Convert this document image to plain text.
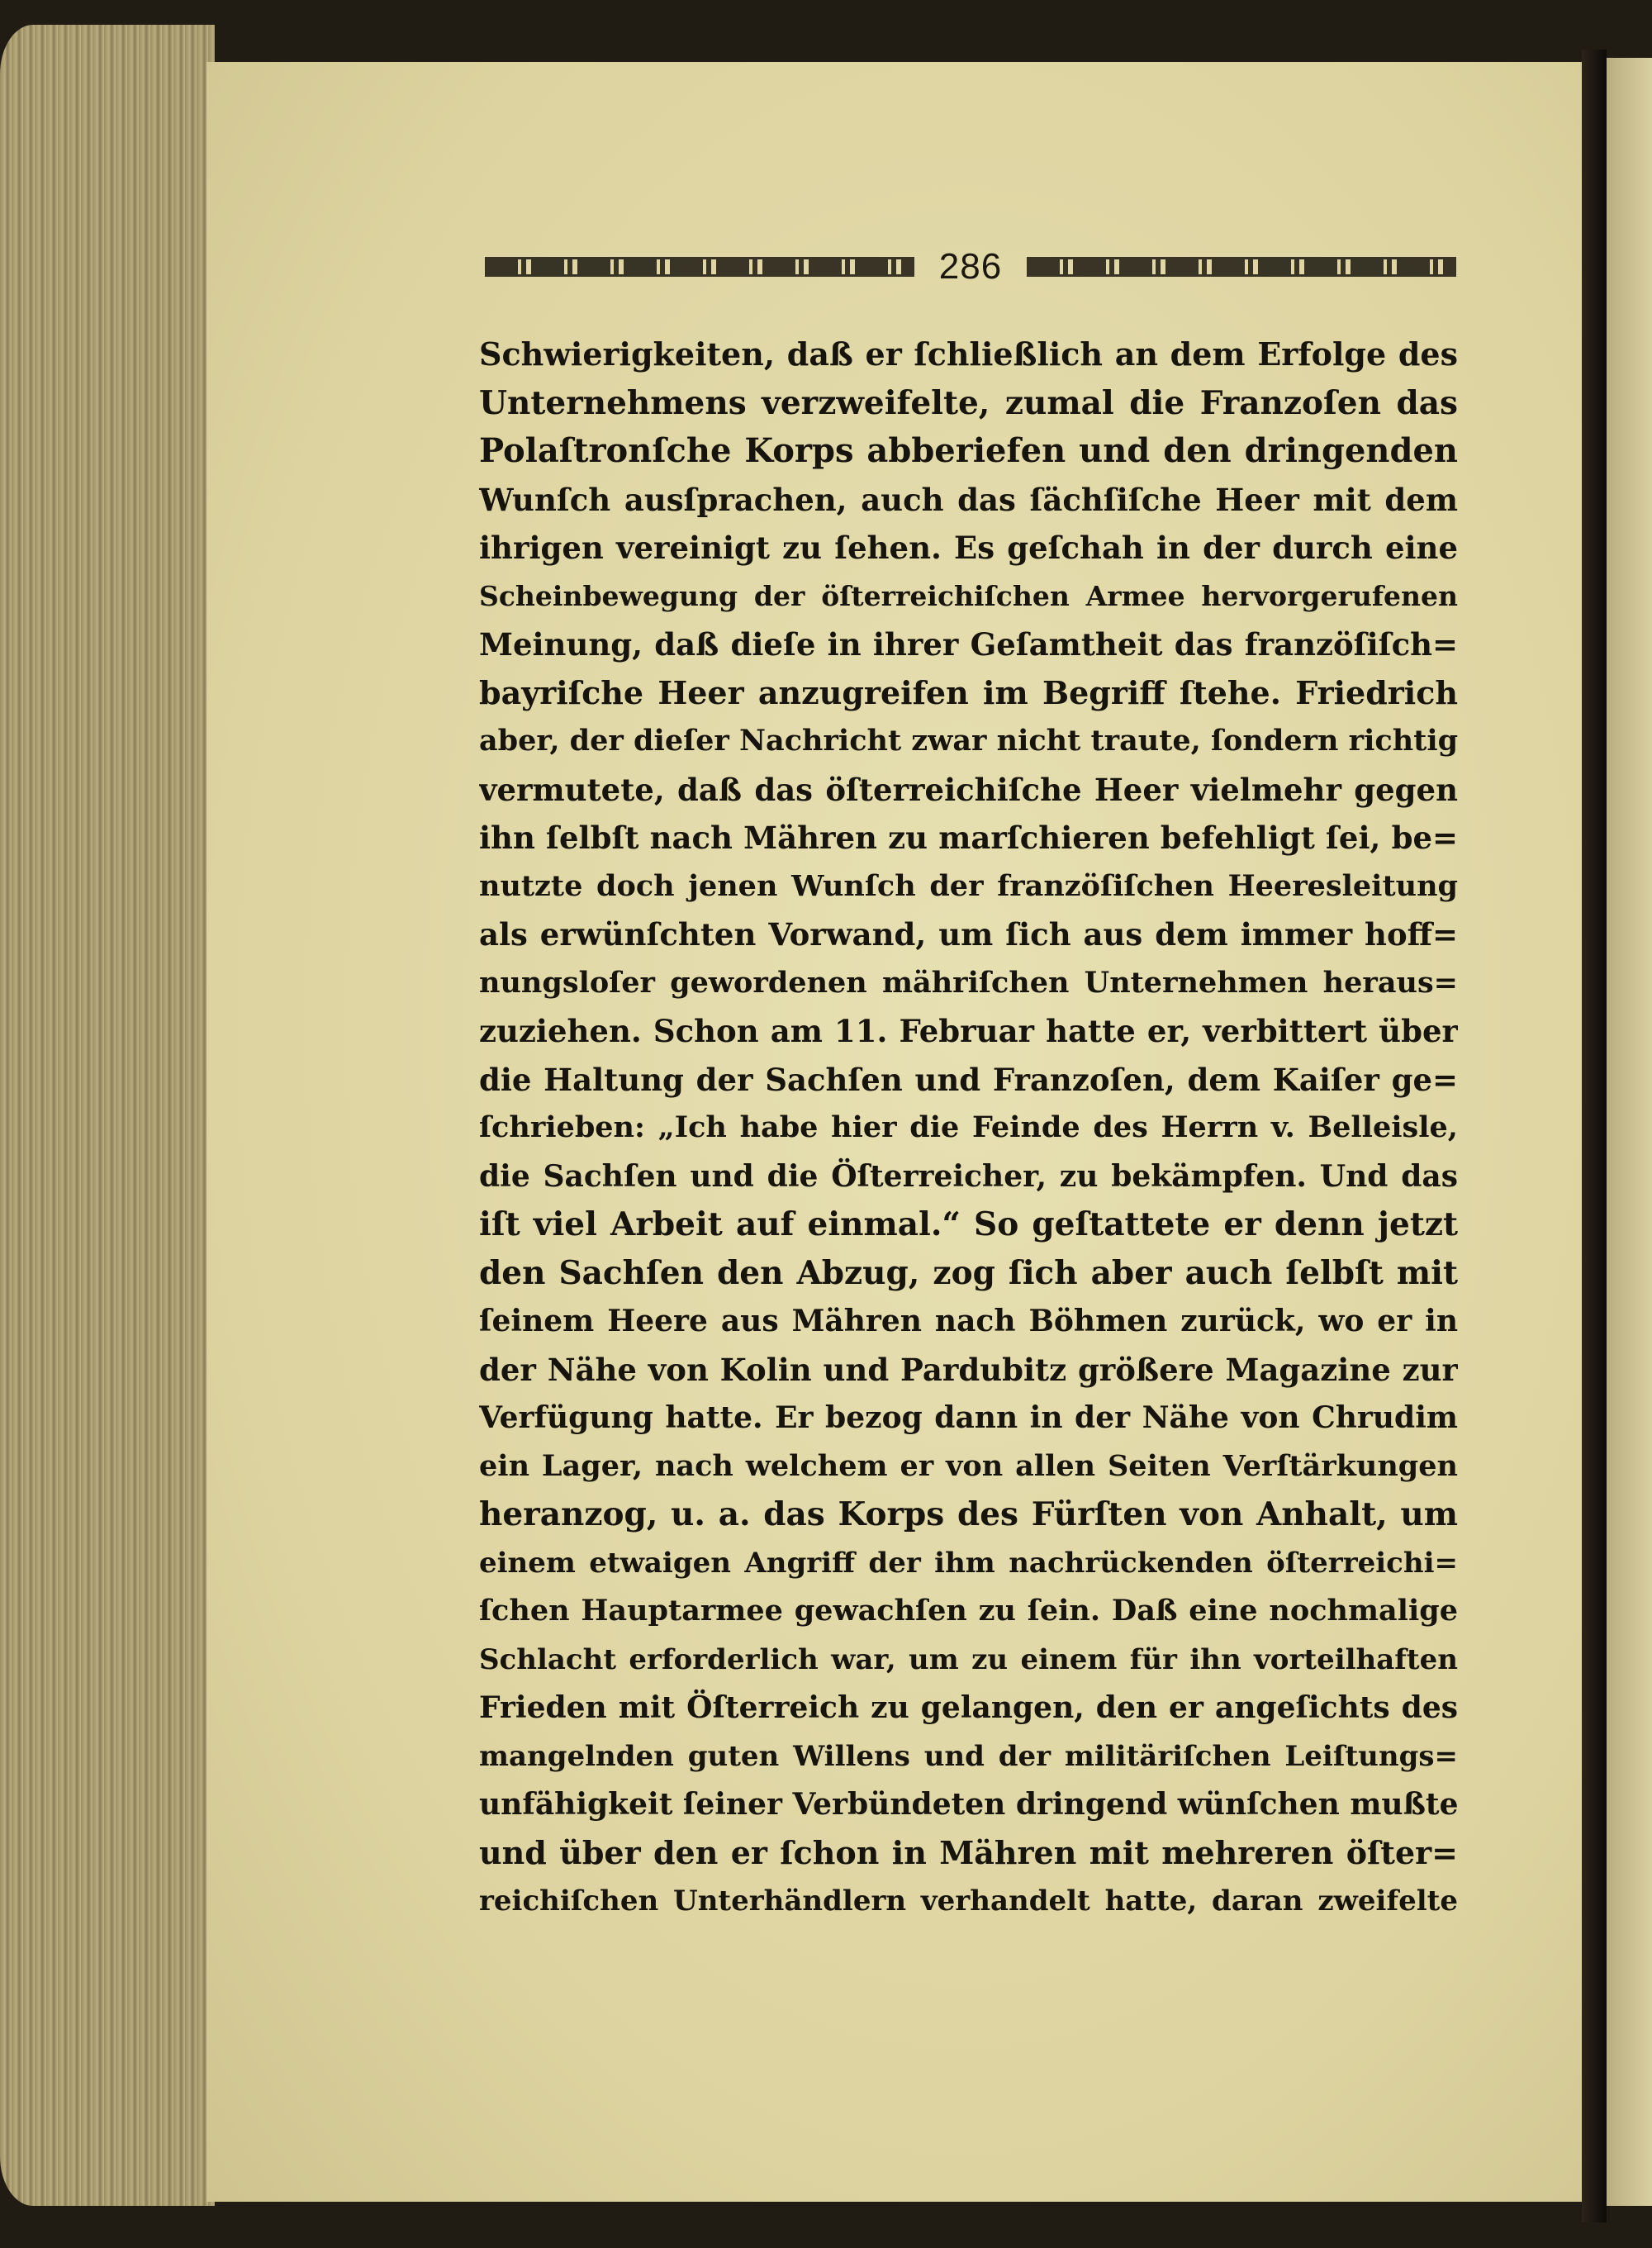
286
Schwierigkeiten, daß er ſchließlich an dem Erfolge des
Unternehmens verzweifelte, zumal die Franzoſen das
Polaſtronſche Korps abberiefen und den dringenden
Wunſch ausſprachen, auch das ſächſiſche Heer mit dem
ihrigen vereinigt zu ſehen. Es geſchah in der durch eine
Scheinbewegung der öſterreichiſchen Armee hervorgerufenen
Meinung, daß dieſe in ihrer Geſamtheit das franzöſiſch=
bayriſche Heer anzugreifen im Begriff ſtehe. Friedrich
aber, der dieſer Nachricht zwar nicht traute, ſondern richtig
vermutete, daß das öſterreichiſche Heer vielmehr gegen
ihn ſelbſt nach Mähren zu marſchieren befehligt ſei, be=
nutzte doch jenen Wunſch der franzöſiſchen Heeresleitung
als erwünſchten Vorwand, um ſich aus dem immer hoff=
nungsloſer gewordenen mähriſchen Unternehmen heraus=
zuziehen. Schon am 11. Februar hatte er, verbittert über
die Haltung der Sachſen und Franzoſen, dem Kaiſer ge=
ſchrieben: „Ich habe hier die Feinde des Herrn v. Belleisle,
die Sachſen und die Öſterreicher, zu bekämpfen. Und das
iſt viel Arbeit auf einmal.“ So geſtattete er denn jetzt
den Sachſen den Abzug, zog ſich aber auch ſelbſt mit
ſeinem Heere aus Mähren nach Böhmen zurück, wo er in
der Nähe von Kolin und Pardubitz größere Magazine zur
Verfügung hatte. Er bezog dann in der Nähe von Chrudim
ein Lager, nach welchem er von allen Seiten Verſtärkungen
heranzog, u. a. das Korps des Fürſten von Anhalt, um
einem etwaigen Angriff der ihm nachrückenden öſterreichi=
ſchen Hauptarmee gewachſen zu ſein. Daß eine nochmalige
Schlacht erforderlich war, um zu einem für ihn vorteilhaften
Frieden mit Öſterreich zu gelangen, den er angeſichts des
mangelnden guten Willens und der militäriſchen Leiſtungs=
unfähigkeit ſeiner Verbündeten dringend wünſchen mußte
und über den er ſchon in Mähren mit mehreren öſter=
reichiſchen Unterhändlern verhandelt hatte, daran zweifelte
